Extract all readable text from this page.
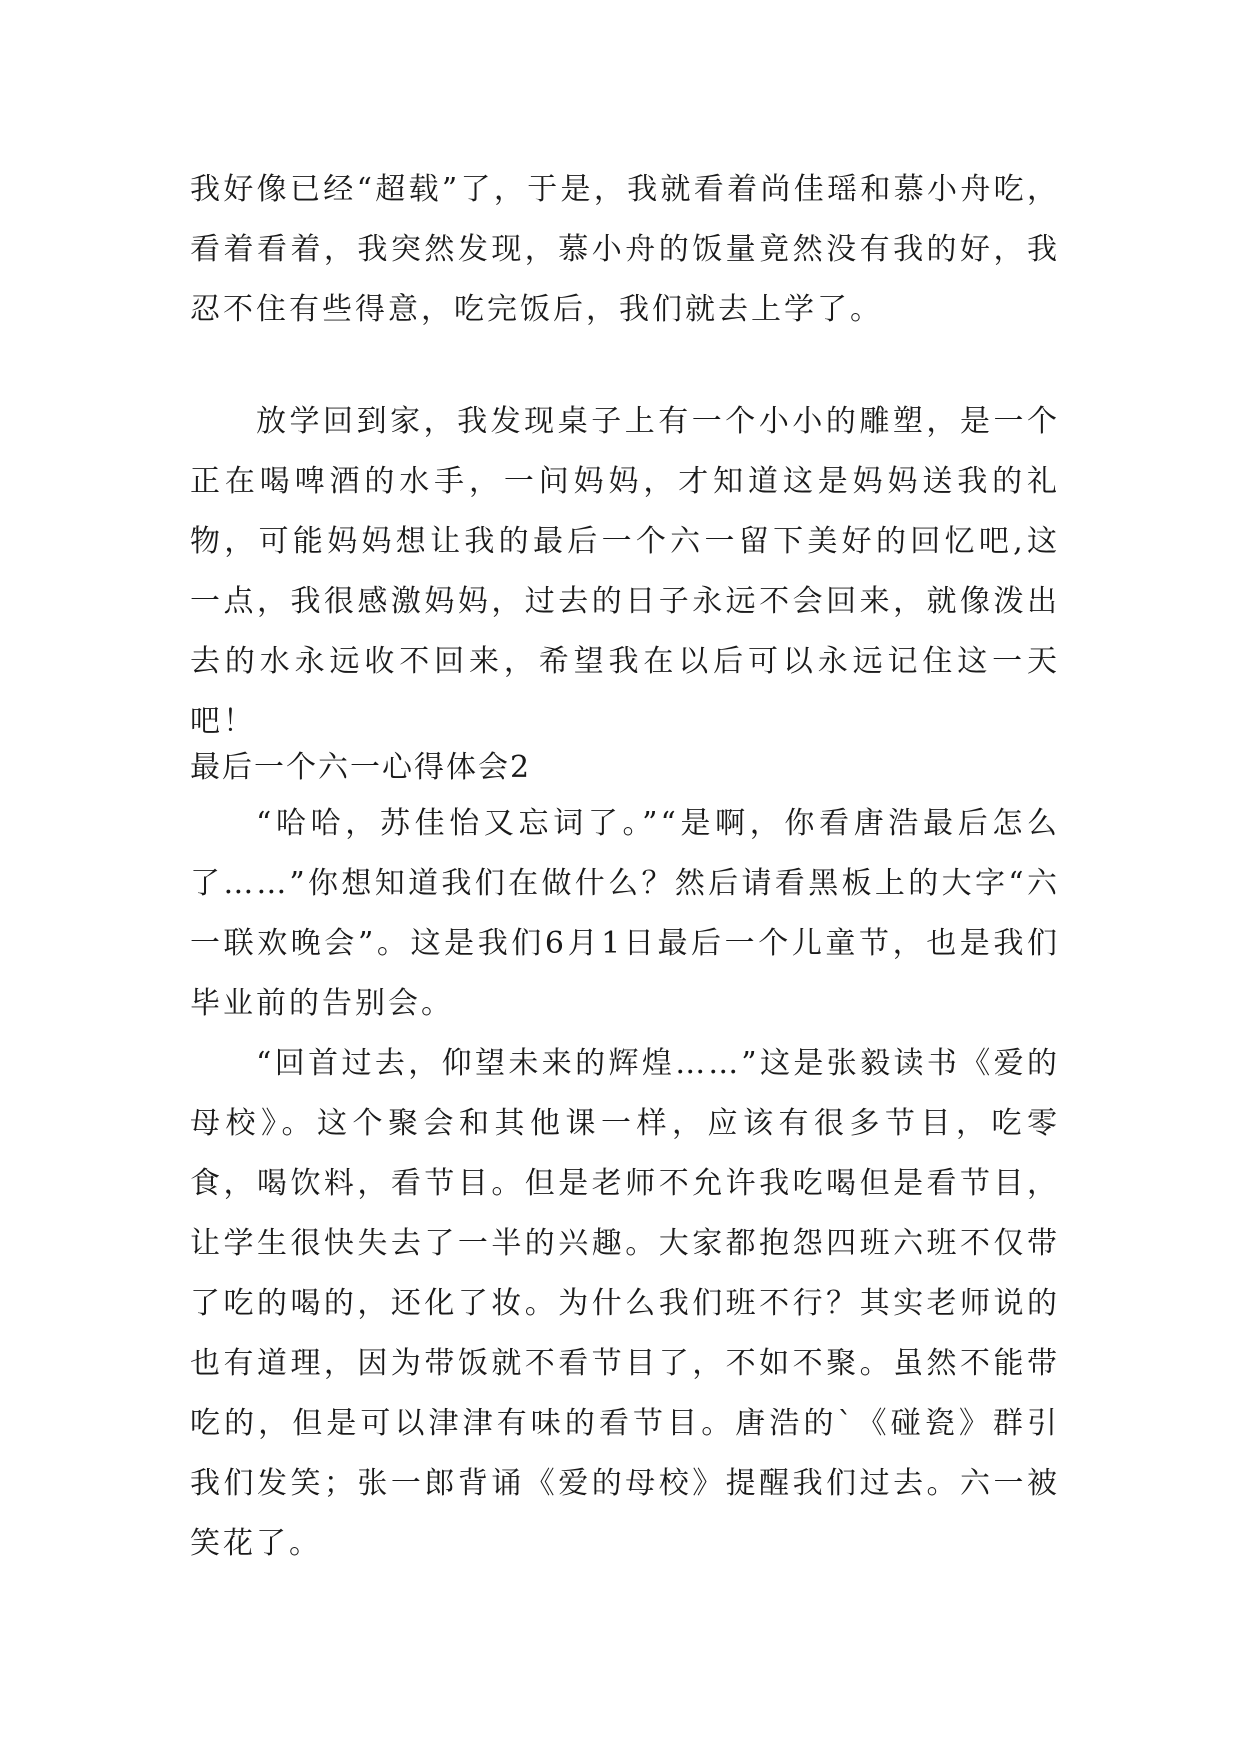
我好像已经“超载”了，于是，我就看着尚佳瑶和慕小舟吃，看着看着，我突然发现，慕小舟的饭量竟然没有我的好，我忍不住有些得意，吃完饭后，我们就去上学了。

放学回到家，我发现桌子上有一个小小的雕塑，是一个正在喝啤酒的水手，一问妈妈，才知道这是妈妈送我的礼物，可能妈妈想让我的最后一个六一留下美好的回忆吧,这一点，我很感激妈妈，过去的日子永远不会回来，就像泼出去的水永远收不回来，希望我在以后可以永远记住这一天吧！

最后一个六一心得体会2

“哈哈，苏佳怡又忘词了。”“是啊，你看唐浩最后怎么了……”你想知道我们在做什么？然后请看黑板上的大字“六一联欢晚会”。这是我们6月1日最后一个儿童节，也是我们毕业前的告别会。

“回首过去，仰望未来的辉煌……”这是张毅读书《爱的母校》。这个聚会和其他课一样，应该有很多节目，吃零食，喝饮料，看节目。但是老师不允许我吃喝但是看节目，让学生很快失去了一半的兴趣。大家都抱怨四班六班不仅带了吃的喝的，还化了妆。为什么我们班不行？其实老师说的也有道理，因为带饭就不看节目了，不如不聚。虽然不能带吃的，但是可以津津有味的看节目。唐浩的`《碰瓷》群引我们发笑；张一郎背诵《爱的母校》提醒我们过去。六一被笑花了。
